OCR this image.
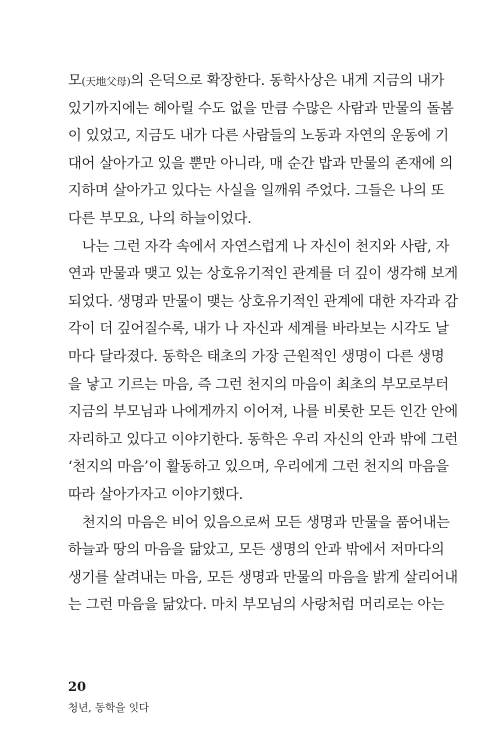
모(天地父母)의 은덕으로 확장한다. 동학사상은 내게 지금의 내가
있기까지에는 헤아릴 수도 없을 만큼 수많은 사람과 만물의 돌봄
이 있었고, 지금도 내가 다른 사람들의 노동과 자연의 운동에 기
대어 살아가고 있을 뿐만 아니라, 매 순간 밥과 만물의 존재에 의
지하며 살아가고 있다는 사실을 일깨워 주었다. 그들은 나의 또
다른 부모요, 나의 하늘이었다.

나는 그런 자각 속에서 자연스럽게 나 자신이 천지와 사람, 자
연과 만물과 맺고 있는 상호유기적인 관계를 더 깊이 생각해 보게
되었다. 생명과 만물이 맺는 상호유기적인 관계에 대한 자각과 감
각이 더 깊어질수록, 내가 나 자신과 세계를 바라보는 시각도 날
마다 달라졌다. 동학은 태초의 가장 근원적인 생명이 다른 생명
을 낳고 기르는 마음, 즉 그런 천지의 마음이 최초의 부모로부터
지금의 부모님과 나에게까지 이어져, 나를 비롯한 모든 인간 안에
자리하고 있다고 이야기한다. 동학은 우리 자신의 안과 밖에 그런
‘천지의 마음’이 활동하고 있으며, 우리에게 그런 천지의 마음을
따라 살아가자고 이야기했다.

천지의 마음은 비어 있음으로써 모든 생명과 만물을 품어내는
하늘과 땅의 마음을 닮았고, 모든 생명의 안과 밖에서 저마다의
생기를 살려내는 마음, 모든 생명과 만물의 마음을 밝게 살리어내
는 그런 마음을 닮았다. 마치 부모님의 사랑처럼 머리로는 아는

20
청년, 동학을 잇다
